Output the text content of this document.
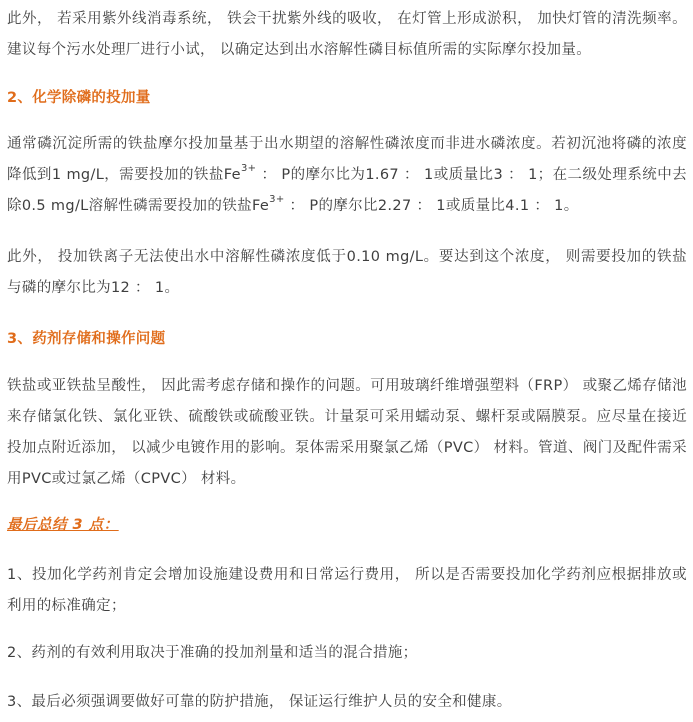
此外， 若采用紫外线消毒系统， 铁会干扰紫外线的吸收， 在灯管上形成淤积， 加快灯管的清洗频率。建议每个污水处理厂进行小试， 以确定达到出水溶解性磷目标值所需的实际摩尔投加量。

2、化学除磷的投加量

通常磷沉淀所需的铁盐摩尔投加量基于出水期望的溶解性磷浓度而非进水磷浓度。若初沉池将磷的浓度降低到1 mg/L，需要投加的铁盐$Fe^{3+}$ ： P的摩尔比为1.67 ： 1或质量比3 ： 1；在二级处理系统中去除0.5 mg/L溶解性磷需要投加的铁盐$Fe^{3+}$ ： P的摩尔比2.27 ： 1或质量比4.1 ： 1。

此外， 投加铁离子无法使出水中溶解性磷浓度低于0.10 mg/L。要达到这个浓度， 则需要投加的铁盐与磷的摩尔比为12 ： 1。

3、药剂存储和操作问题

铁盐或亚铁盐呈酸性， 因此需考虑存储和操作的问题。可用玻璃纤维增强塑料（FRP） 或聚乙烯存储池来存储氯化铁、氯化亚铁、硫酸铁或硫酸亚铁。计量泵可采用蠕动泵、螺杆泵或隔膜泵。应尽量在接近投加点附近添加， 以减少电镀作用的影响。泵体需采用聚氯乙烯（PVC） 材料。管道、阀门及配件需采用PVC或过氯乙烯（CPVC） 材料。

最后总结 3 点：

1、投加化学药剂肯定会增加设施建设费用和日常运行费用， 所以是否需要投加化学药剂应根据排放或利用的标准确定；

2、药剂的有效利用取决于准确的投加剂量和适当的混合措施；

3、最后必须强调要做好可靠的防护措施， 保证运行维护人员的安全和健康。
